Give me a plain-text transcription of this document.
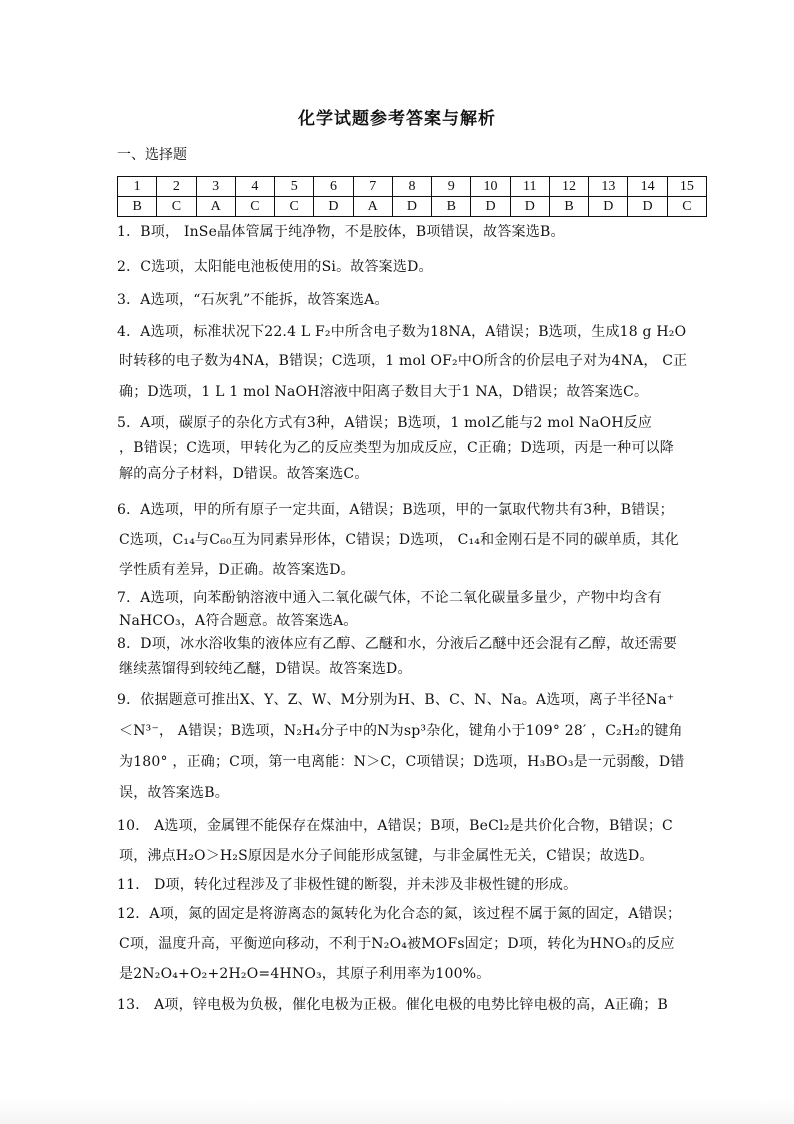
化学试题参考答案与解析
一、选择题
1	2	3	4	5	6	7	8	9	10	11	12	13	14	15
B	C	A	C	C	D	A	D	B	D	D	B	D	D	C
1．B项， InSe晶体管属于纯净物，不是胶体，B项错误，故答案选B。
2．C选项，太阳能电池板使用的Si。故答案选D。
3．A选项，“石灰乳”不能拆，故答案选A。
4．A选项，标准状况下22.4 L F₂中所含电子数为18NA，A错误；B选项，生成18 g H₂O
时转移的电子数为4NA，B错误；C选项，1 mol OF₂中O所含的价层电子对为4NA， C正
确；D选项，1 L 1 mol NaOH溶液中阳离子数目大于1 NA，D错误；故答案选C。
5．A项，碳原子的杂化方式有3种，A错误；B选项，1 mol乙能与2 mol NaOH反应
，B错误；C选项，甲转化为乙的反应类型为加成反应，C正确；D选项，丙是一种可以降
解的高分子材料，D错误。故答案选C。
6．A选项，甲的所有原子一定共面，A错误；B选项，甲的一氯取代物共有3种，B错误；
C选项，C₁₄与C₆₀互为同素异形体，C错误；D选项， C₁₄和金刚石是不同的碳单质，其化
学性质有差异，D正确。故答案选D。
7．A选项，向苯酚钠溶液中通入二氧化碳气体，不论二氧化碳量多量少，产物中均含有
NaHCO₃，A符合题意。故答案选A。
8．D项，冰水浴收集的液体应有乙醇、乙醚和水，分液后乙醚中还会混有乙醇，故还需要
继续蒸馏得到较纯乙醚，D错误。故答案选D。
9．依据题意可推出X、Y、Z、W、M分别为H、B、C、N、Na。A选项，离子半径Na⁺
＜N³⁻， A错误；B选项，N₂H₄分子中的N为sp³杂化，键角小于109° 28′ ，C₂H₂的键角
为180° ，正确；C项，第一电离能：N＞C，C项错误；D选项，H₃BO₃是一元弱酸，D错
误，故答案选B。
10． A选项，金属锂不能保存在煤油中，A错误；B项，BeCl₂是共价化合物，B错误；C
项，沸点H₂O＞H₂S原因是水分子间能形成氢键，与非金属性无关，C错误；故选D。
11． D项，转化过程涉及了非极性键的断裂，并未涉及非极性键的形成。
12．A项，氮的固定是将游离态的氮转化为化合态的氮，该过程不属于氮的固定，A错误；
C项，温度升高，平衡逆向移动，不利于N₂O₄被MOFs固定；D项，转化为HNO₃的反应
是2N₂O₄+O₂+2H₂O=4HNO₃，其原子利用率为100%。
13． A项，锌电极为负极，催化电极为正极。催化电极的电势比锌电极的高，A正确；B
